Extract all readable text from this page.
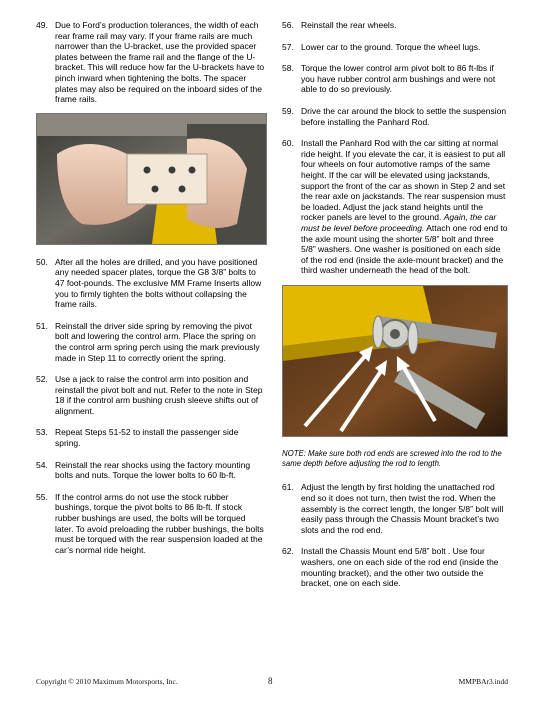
49. Due to Ford’s production tolerances, the width of each rear frame rail may vary. If your frame rails are much narrower than the U-bracket, use the provided spacer plates between the frame rail and the flange of the U-bracket. This will reduce how far the U-brackets have to pinch inward when tightening the bolts. The spacer plates may also be required on the inboard sides of the frame rails.
50. After all the holes are drilled, and you have positioned any needed spacer plates, torque the G8 3/8” bolts to 47 foot-pounds. The exclusive MM Frame Inserts allow you to firmly tighten the bolts without collapsing the frame rails.
51. Reinstall the driver side spring by removing the pivot bolt and lowering the control arm. Place the spring on the control arm spring perch using the mark previously made in Step 11 to correctly orient the spring.
52. Use a jack to raise the control arm into position and reinstall the pivot bolt and nut. Refer to the note in Step 18 if the control arm bushing crush sleeve shifts out of alignment.
53. Repeat Steps 51-52 to install the passenger side spring.
54. Reinstall the rear shocks using the factory mounting bolts and nuts. Torque the lower bolts to 60 lb-ft.
55. If the control arms do not use the stock rubber bushings, torque the pivot bolts to 86 lb-ft. If stock rubber bushings are used, the bolts will be torqued later. To avoid preloading the rubber bushings, the bolts must be torqued with the rear suspension loaded at the car’s normal ride height.
56. Reinstall the rear wheels.
57. Lower car to the ground. Torque the wheel lugs.
58. Torque the lower control arm pivot bolt to 86 ft-lbs if you have rubber control arm bushings and were not able to do so previously.
59. Drive the car around the block to settle the suspension before installing the Panhard Rod.
60. Install the Panhard Rod with the car sitting at normal ride height. If you elevate the car, it is easiest to put all four wheels on four automotive ramps of the same height. If the car will be elevated using jackstands, support the front of the car as shown in Step 2 and set the rear axle on jackstands. The rear suspension must be loaded. Adjust the jack stand heights until the rocker panels are level to the ground. Again, the car must be level before proceeding. Attach one rod end to the axle mount using the shorter 5/8” bolt and three 5/8” washers. One washer is positioned on each side of the rod end (inside the axle-mount bracket) and the third washer underneath the head of the bolt.
NOTE: Make sure both rod ends are screwed into the rod to the same depth before adjusting the rod to length.
61. Adjust the length by first holding the unattached rod end so it does not turn, then twist the rod. When the assembly is the correct length, the longer 5/8” bolt will easily pass through the Chassis Mount bracket’s two slots and the rod end.
62. Install the Chassis Mount end 5/8” bolt . Use four washers, one on each side of the rod end (inside the mounting bracket), and the other two outside the bracket, one on each side.
Copyright © 2010 Maximum Motorsports, Inc.	8	MMPBAr3.indd
